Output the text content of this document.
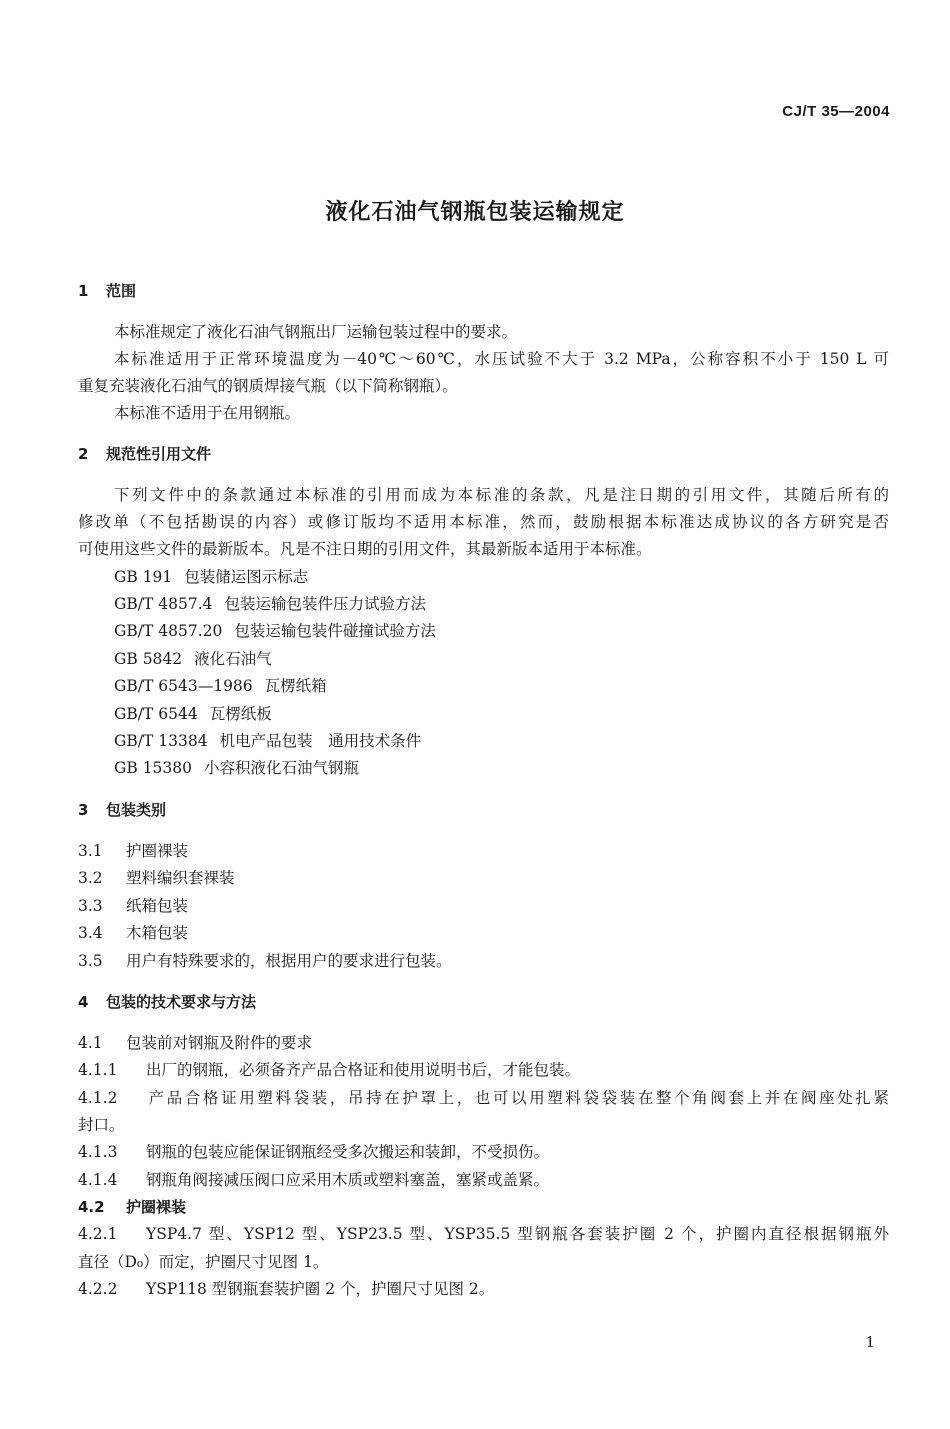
CJ/T 35—2004
液化石油气钢瓶包装运输规定
1 范围
本标准规定了液化石油气钢瓶出厂运输包装过程中的要求。
本标准适用于正常环境温度为－40℃～60℃，水压试验不大于 3.2 MPa，公称容积不小于 150 L 可
重复充装液化石油气的钢质焊接气瓶（以下简称钢瓶）。
本标准不适用于在用钢瓶。
2 规范性引用文件
下列文件中的条款通过本标准的引用而成为本标准的条款，凡是注日期的引用文件，其随后所有的
修改单（不包括勘误的内容）或修订版均不适用本标准，然而，鼓励根据本标准达成协议的各方研究是否
可使用这些文件的最新版本。凡是不注日期的引用文件，其最新版本适用于本标准。
GB 191 包装储运图示标志
GB/T 4857.4 包装运输包装件压力试验方法
GB/T 4857.20 包装运输包装件碰撞试验方法
GB 5842 液化石油气
GB/T 6543—1986 瓦楞纸箱
GB/T 6544 瓦楞纸板
GB/T 13384 机电产品包装　通用技术条件
GB 15380 小容积液化石油气钢瓶
3 包装类别
3.1 护圈裸装
3.2 塑料编织套裸装
3.3 纸箱包装
3.4 木箱包装
3.5 用户有特殊要求的，根据用户的要求进行包装。
4 包装的技术要求与方法
4.1 包装前对钢瓶及附件的要求
4.1.1 出厂的钢瓶，必须备齐产品合格证和使用说明书后，才能包装。
4.1.2 产品合格证用塑料袋装，吊持在护罩上，也可以用塑料袋袋装在整个角阀套上并在阀座处扎紧
封口。
4.1.3 钢瓶的包装应能保证钢瓶经受多次搬运和装卸，不受损伤。
4.1.4 钢瓶角阀接减压阀口应采用木质或塑料塞盖，塞紧或盖紧。
4.2 护圈裸装
4.2.1 YSP4.7 型、YSP12 型、YSP23.5 型、YSP35.5 型钢瓶各套装护圈 2 个，护圈内直径根据钢瓶外
直径（D₀）而定，护圈尺寸见图 1。
4.2.2 YSP118 型钢瓶套装护圈 2 个，护圈尺寸见图 2。
1
